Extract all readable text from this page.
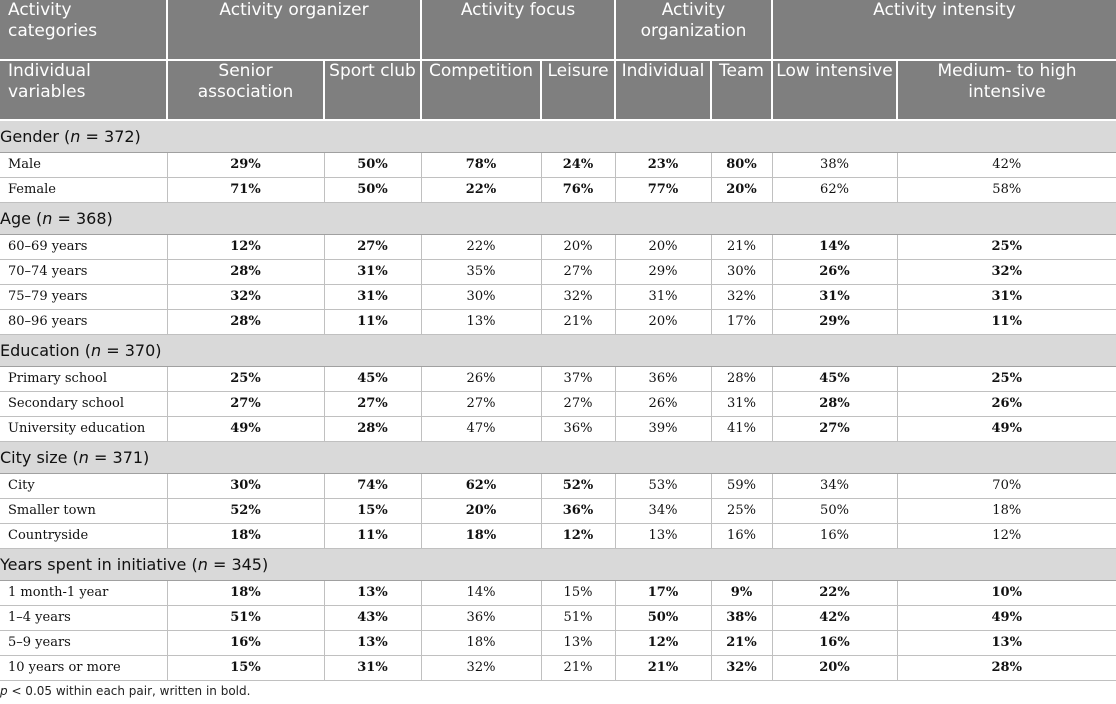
Activity categories	Activity organizer		Activity focus		Activity organization		Activity intensity	
Individual variables	Senior association	Sport club	Competition	Leisure	Individual	Team	Low intensive	Medium- to high intensive
Gender (n = 372)								
Male	29%	50%	78%	24%	23%	80%	38%	42%
Female	71%	50%	22%	76%	77%	20%	62%	58%
Age (n = 368)								
60–69 years	12%	27%	22%	20%	20%	21%	14%	25%
70–74 years	28%	31%	35%	27%	29%	30%	26%	32%
75–79 years	32%	31%	30%	32%	31%	32%	31%	31%
80–96 years	28%	11%	13%	21%	20%	17%	29%	11%
Education (n = 370)								
Primary school	25%	45%	26%	37%	36%	28%	45%	25%
Secondary school	27%	27%	27%	27%	26%	31%	28%	26%
University education	49%	28%	47%	36%	39%	41%	27%	49%
City size (n = 371)								
City	30%	74%	62%	52%	53%	59%	34%	70%
Smaller town	52%	15%	20%	36%	34%	25%	50%	18%
Countryside	18%	11%	18%	12%	13%	16%	16%	12%
Years spent in initiative (n = 345)								
1 month-1 year	18%	13%	14%	15%	17%	9%	22%	10%
1–4 years	51%	43%	36%	51%	50%	38%	42%	49%
5–9 years	16%	13%	18%	13%	12%	21%	16%	13%
10 years or more	15%	31%	32%	21%	21%	32%	20%	28%
p < 0.05 within each pair, written in bold.
